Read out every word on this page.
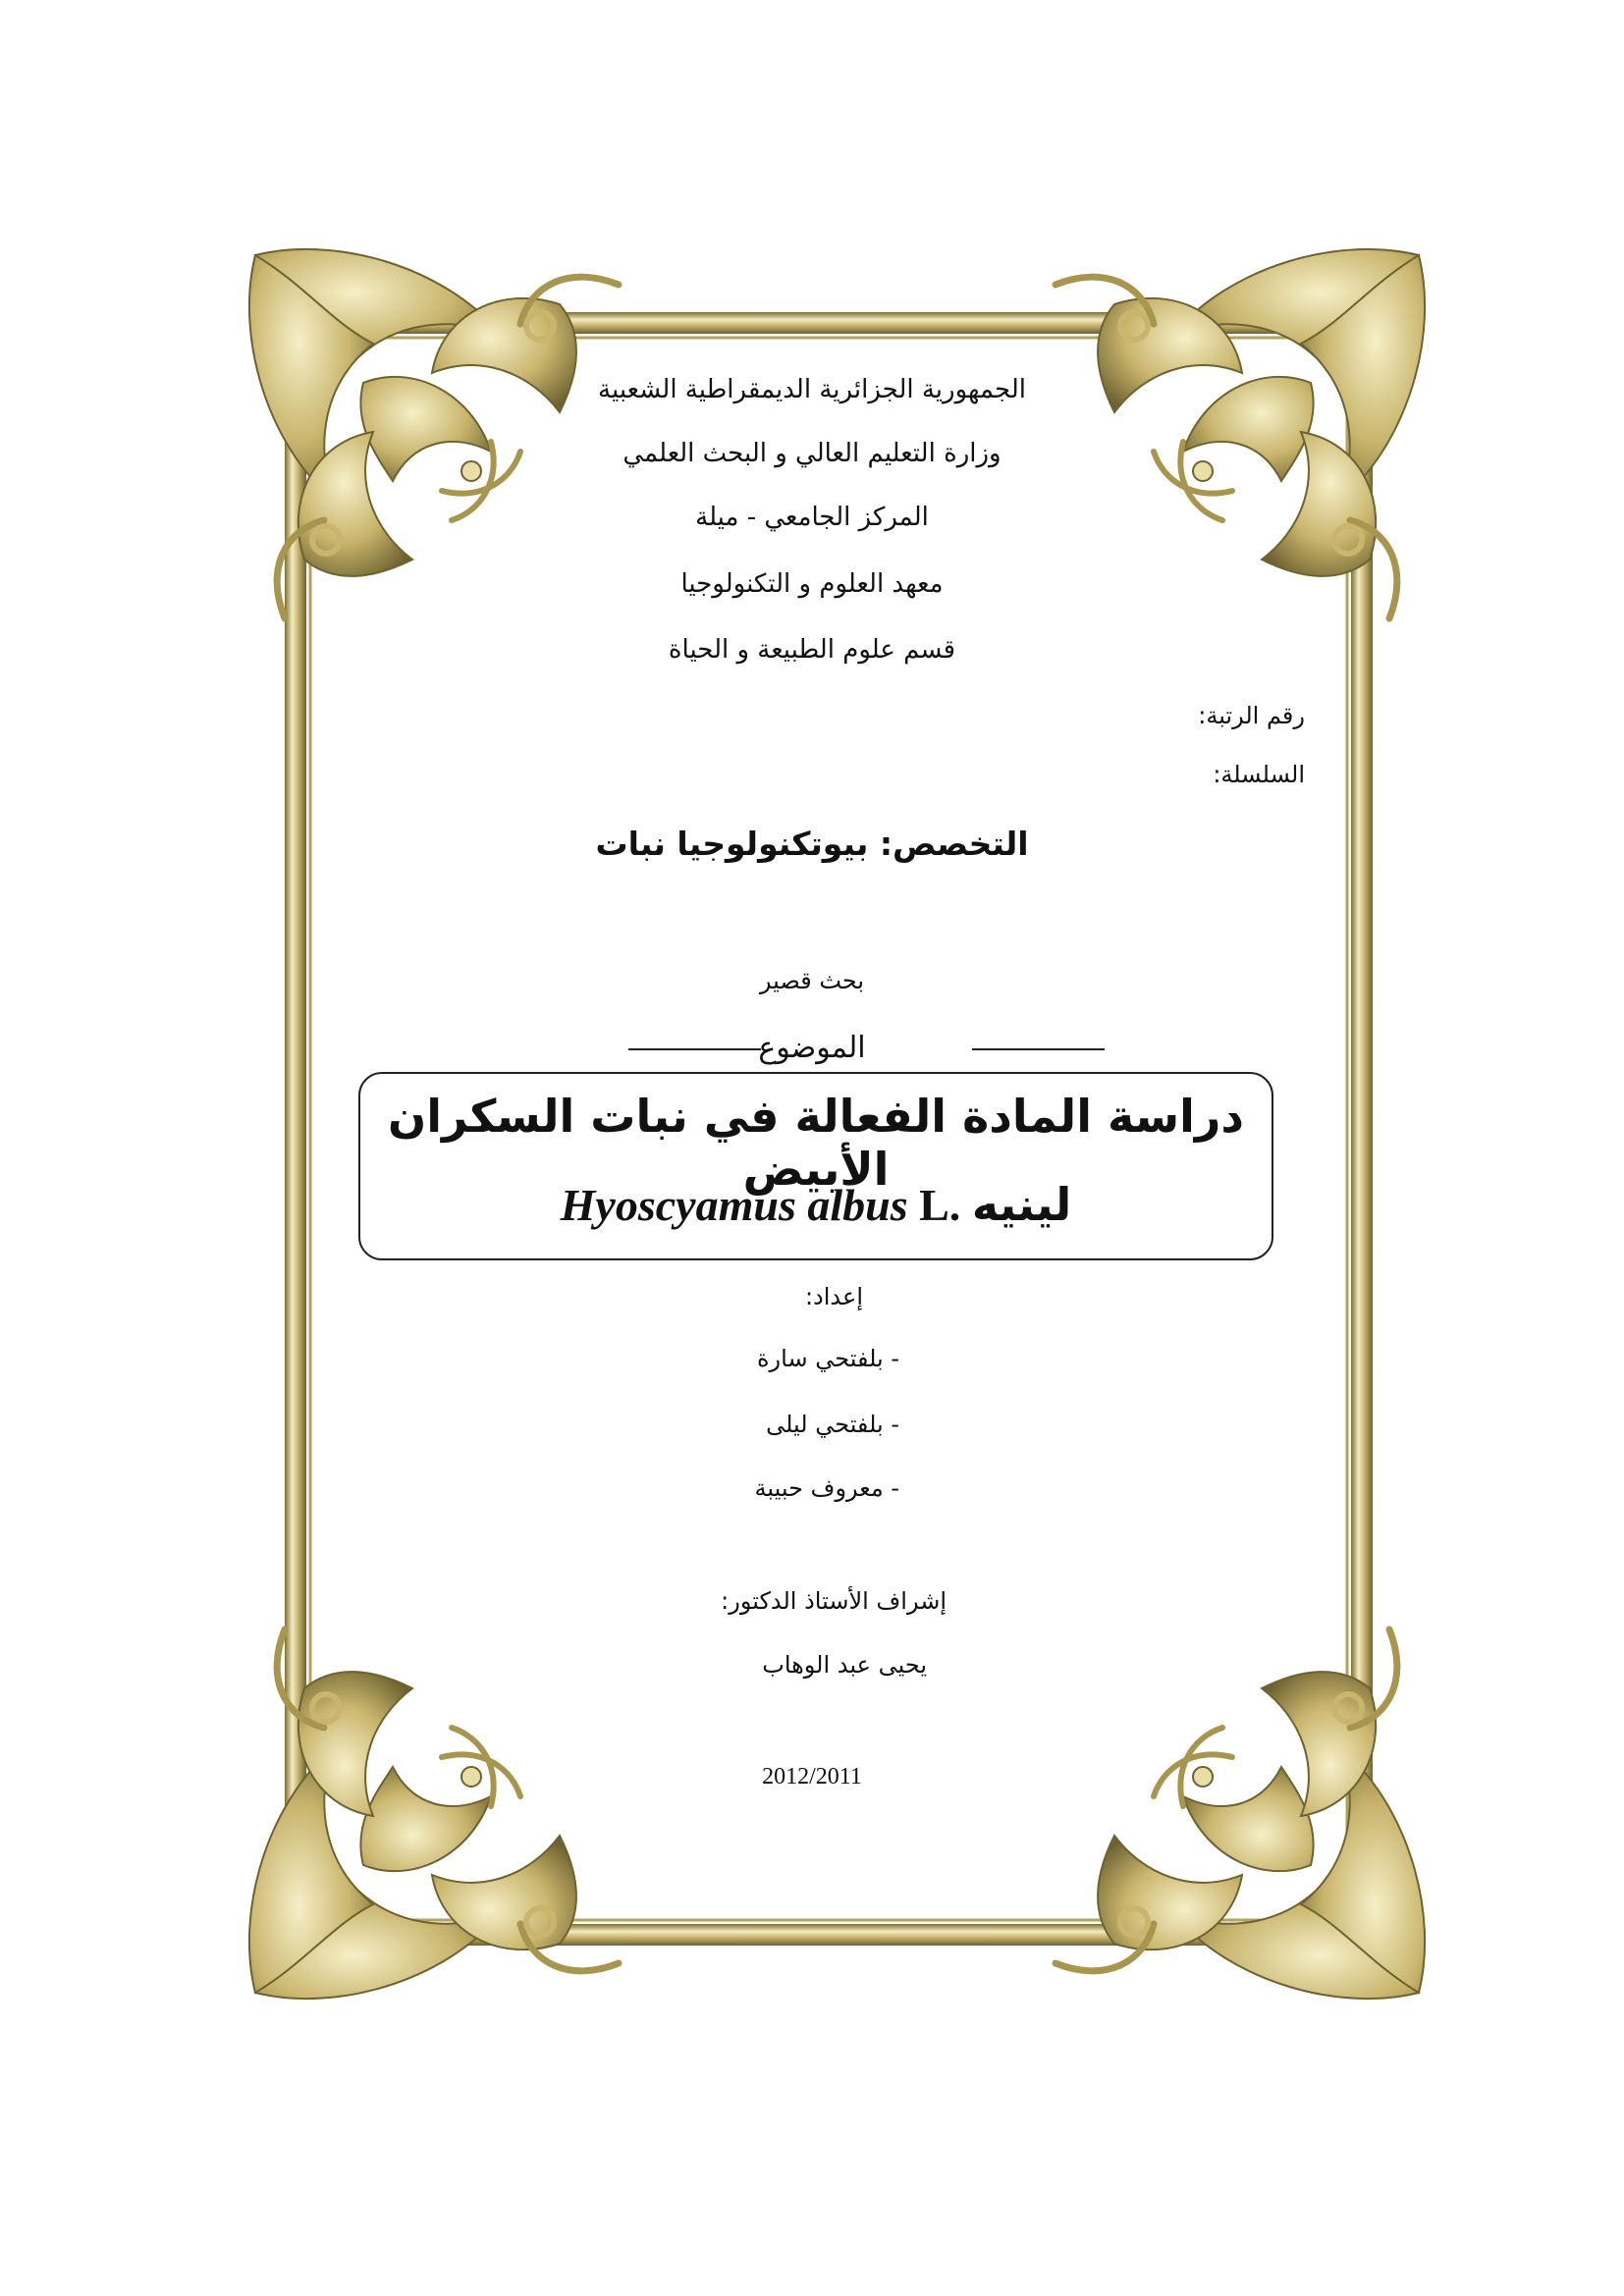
الجمهورية الجزائرية الديمقراطية الشعبية
وزارة التعليم العالي و البحث العلمي
المركز الجامعي - ميلة
معهد العلوم و التكنولوجيا
قسم علوم الطبيعة و الحياة
رقم الرتبة:
السلسلة:
التخصص: بيوتكنولوجيا نبات
بحث قصير
الموضوع
دراسة المادة الفعالة في نبات السكران الأبيض
لينيه Hyoscyamus albus L.
إعداد:
- بلفتحي سارة
- بلفتحي ليلى
- معروف حبيبة
إشراف الأستاذ الدكتور:
يحيى عبد الوهاب
2012/2011
